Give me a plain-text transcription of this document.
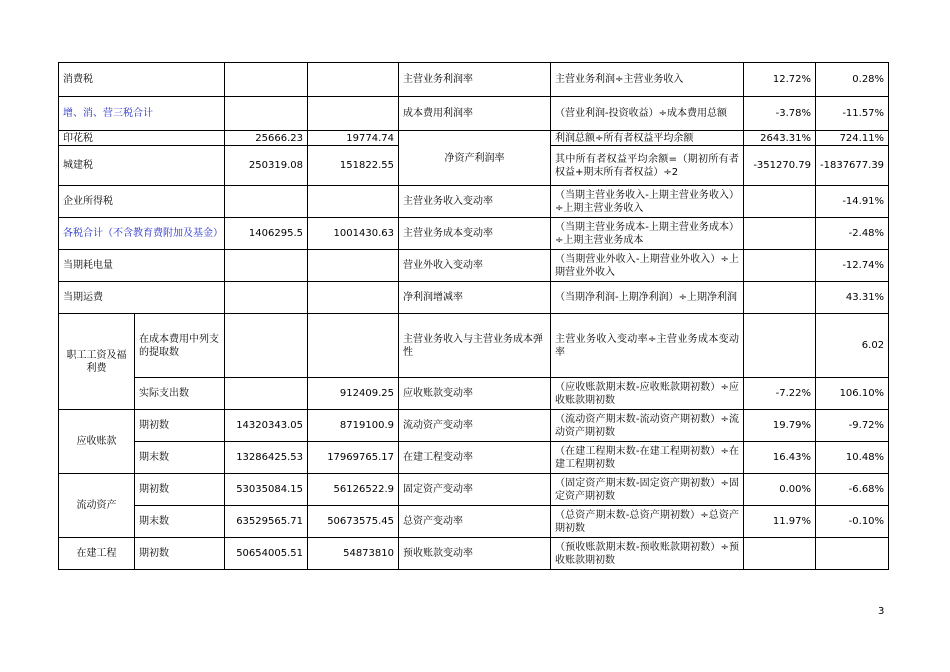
消费税				主营业务利润率	主营业务利润÷主营业务收入	12.72%	0.28%
增、消、营三税合计				成本费用利润率	（营业利润-投资收益）÷成本费用总额	-3.78%	-11.57%
印花税		25666.23	19774.74	净资产利润率	利润总额÷所有者权益平均余额	2643.31%	724.11%
城建税		250319.08	151822.55		其中所有者权益平均余额=（期初所有者权益+期末所有者权益）÷2	-351270.79	-1837677.39
企业所得税				主营业务收入变动率	（当期主营业务收入-上期主营业务收入）÷上期主营业务收入		-14.91%
各税合计（不含教育费附加及基金）		1406295.5	1001430.63	主营业务成本变动率	（当期主营业务成本-上期主营业务成本）÷上期主营业务成本		-2.48%
当期耗电量				营业外收入变动率	（当期营业外收入-上期营业外收入）÷上期营业外收入		-12.74%
当期运费				净利润增减率	（当期净利润-上期净利润）÷上期净利润		43.31%
职工工资及福利费	在成本费用中列支的提取数			主营业务收入与主营业务成本弹性	主营业务收入变动率÷主营业务成本变动率		6.02
	实际支出数		912409.25	应收账款变动率	（应收账款期末数-应收账款期初数）÷应收账款期初数	-7.22%	106.10%
应收账款	期初数	14320343.05	8719100.9	流动资产变动率	（流动资产期末数-流动资产期初数）÷流动资产期初数	19.79%	-9.72%
	期末数	13286425.53	17969765.17	在建工程变动率	（在建工程期末数-在建工程期初数）÷在建工程期初数	16.43%	10.48%
流动资产	期初数	53035084.15	56126522.9	固定资产变动率	（固定资产期末数-固定资产期初数）÷固定资产期初数	0.00%	-6.68%
	期末数	63529565.71	50673575.45	总资产变动率	（总资产期末数-总资产期初数）÷总资产期初数	11.97%	-0.10%
在建工程	期初数	50654005.51	54873810	预收账款变动率	（预收账款期末数-预收账款期初数）÷预收账款期初数		
3
